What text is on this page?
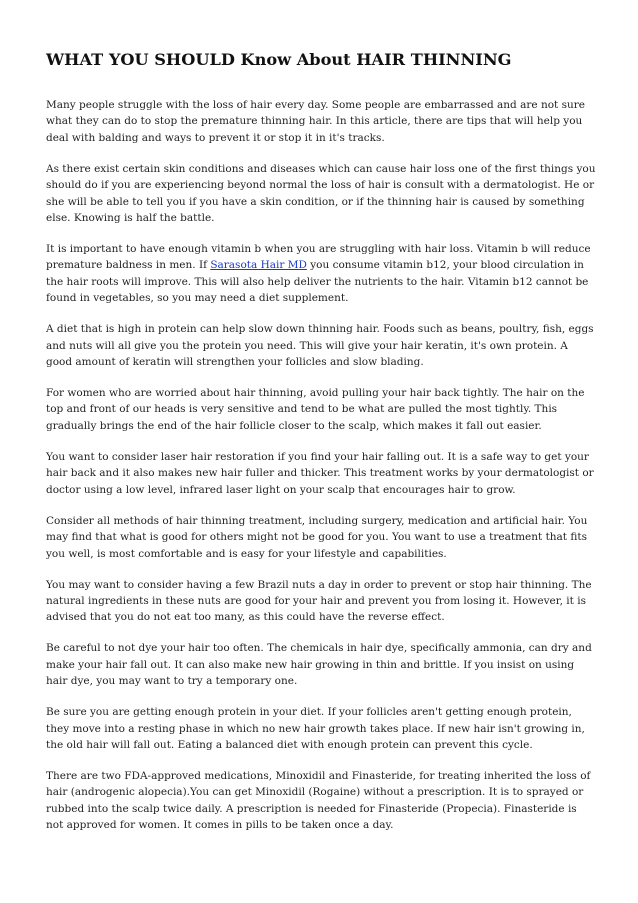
WHAT YOU SHOULD Know About HAIR THINNING

Many people struggle with the loss of hair every day. Some people are embarrassed and are not sure what they can do to stop the premature thinning hair. In this article, there are tips that will help you deal with balding and ways to prevent it or stop it in it's tracks.

As there exist certain skin conditions and diseases which can cause hair loss one of the first things you should do if you are experiencing beyond normal the loss of hair is consult with a dermatologist. He or she will be able to tell you if you have a skin condition, or if the thinning hair is caused by something else. Knowing is half the battle.

It is important to have enough vitamin b when you are struggling with hair loss. Vitamin b will reduce premature baldness in men. If Sarasota Hair MD you consume vitamin b12, your blood circulation in the hair roots will improve. This will also help deliver the nutrients to the hair. Vitamin b12 cannot be found in vegetables, so you may need a diet supplement.

A diet that is high in protein can help slow down thinning hair. Foods such as beans, poultry, fish, eggs and nuts will all give you the protein you need. This will give your hair keratin, it's own protein. A good amount of keratin will strengthen your follicles and slow blading.

For women who are worried about hair thinning, avoid pulling your hair back tightly. The hair on the top and front of our heads is very sensitive and tend to be what are pulled the most tightly. This gradually brings the end of the hair follicle closer to the scalp, which makes it fall out easier.

You want to consider laser hair restoration if you find your hair falling out. It is a safe way to get your hair back and it also makes new hair fuller and thicker. This treatment works by your dermatologist or doctor using a low level, infrared laser light on your scalp that encourages hair to grow.

Consider all methods of hair thinning treatment, including surgery, medication and artificial hair. You may find that what is good for others might not be good for you. You want to use a treatment that fits you well, is most comfortable and is easy for your lifestyle and capabilities.

You may want to consider having a few Brazil nuts a day in order to prevent or stop hair thinning. The natural ingredients in these nuts are good for your hair and prevent you from losing it. However, it is advised that you do not eat too many, as this could have the reverse effect.

Be careful to not dye your hair too often. The chemicals in hair dye, specifically ammonia, can dry and make your hair fall out. It can also make new hair growing in thin and brittle. If you insist on using hair dye, you may want to try a temporary one.

Be sure you are getting enough protein in your diet. If your follicles aren't getting enough protein, they move into a resting phase in which no new hair growth takes place. If new hair isn't growing in, the old hair will fall out. Eating a balanced diet with enough protein can prevent this cycle.

There are two FDA-approved medications, Minoxidil and Finasteride, for treating inherited the loss of hair (androgenic alopecia).You can get Minoxidil (Rogaine) without a prescription. It is to sprayed or rubbed into the scalp twice daily. A prescription is needed for Finasteride (Propecia). Finasteride is not approved for women. It comes in pills to be taken once a day.
